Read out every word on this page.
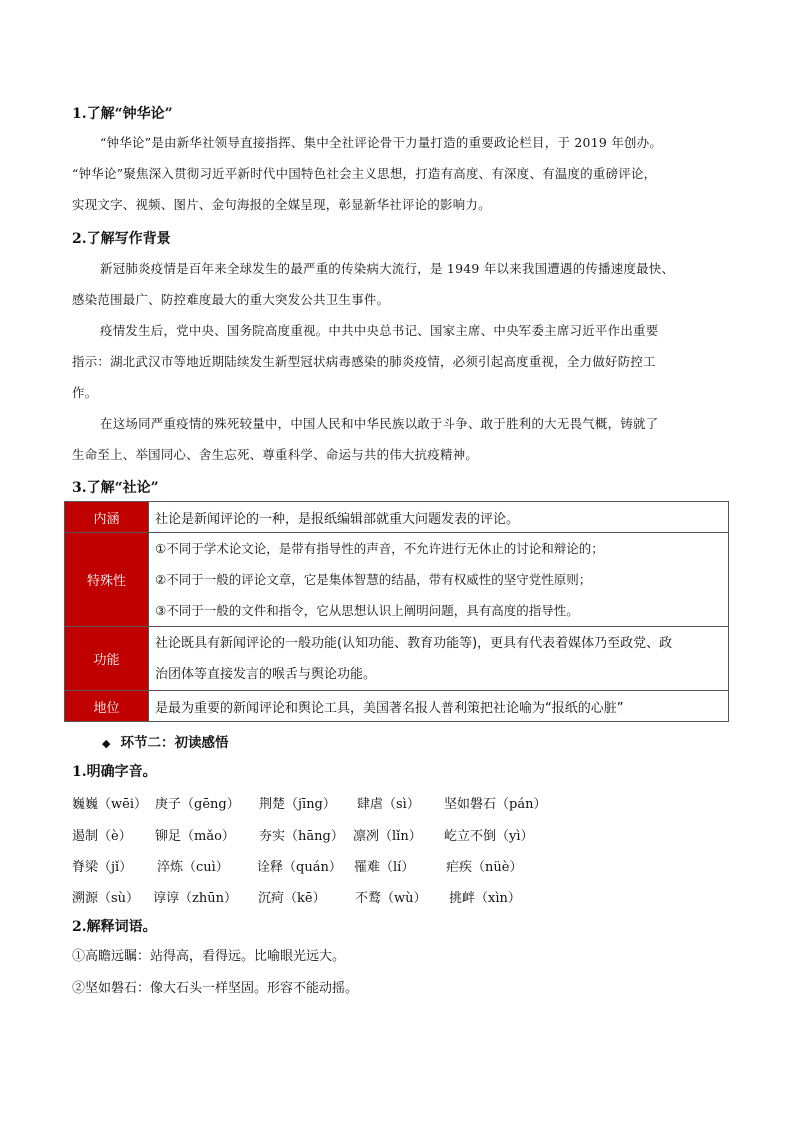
1.了解“钟华论”
“钟华论”是由新华社领导直接指挥、集中全社评论骨干力量打造的重要政论栏目，于 2019 年创办。
“钟华论”聚焦深入贯彻习近平新时代中国特色社会主义思想，打造有高度、有深度、有温度的重磅评论，
实现文字、视频、图片、金句海报的全媒呈现，彰显新华社评论的影响力。
2.了解写作背景
新冠肺炎疫情是百年来全球发生的最严重的传染病大流行，是 1949 年以来我国遭遇的传播速度最快、
感染范围最广、防控难度最大的重大突发公共卫生事件。
疫情发生后，党中央、国务院高度重视。中共中央总书记、国家主席、中央军委主席习近平作出重要
指示：湖北武汉市等地近期陆续发生新型冠状病毒感染的肺炎疫情，必须引起高度重视，全力做好防控工
作。
在这场同严重疫情的殊死较量中，中国人民和中华民族以敢于斗争、敢于胜利的大无畏气概，铸就了
生命至上、举国同心、舍生忘死、尊重科学、命运与共的伟大抗疫精神。
3.了解“社论”
内涵	社论是新闻评论的一种，是报纸编辑部就重大问题发表的评论。
特殊性	①不同于学术论文论，是带有指导性的声音，不允许进行无休止的讨论和辩论的；
②不同于一般的评论文章，它是集体智慧的结晶，带有权威性的坚守党性原则；
③不同于一般的文件和指令，它从思想认识上阐明问题，具有高度的指导性。

功能	社论既具有新闻评论的一般功能(认知功能、教育功能等)，更具有代表着媒体乃至政党、政
治团体等直接发言的喉舌与舆论功能。

地位	是最为重要的新闻评论和舆论工具，美国著名报人普利策把社论喻为“报纸的心脏”
◆ 环节二：初读感悟
1.明确字音。
巍巍（wēi） 庚子（gēng） 荆楚（jīng） 肆虐（sì） 坚如磐石（pán）
遏制（è） 铆足（mǎo） 夯实（hāng） 凛冽（lǐn） 屹立不倒（yì）
脊梁（jǐ） 淬炼（cuì） 诠释（quán） 罹难（lí） 疟疾（nüè）
溯源（sù） 谆谆（zhūn） 沉疴（kē） 不鹜（wù） 挑衅（xìn）
2.解释词语。
①高瞻远瞩：站得高，看得远。比喻眼光远大。
②坚如磐石：像大石头一样坚固。形容不能动摇。
